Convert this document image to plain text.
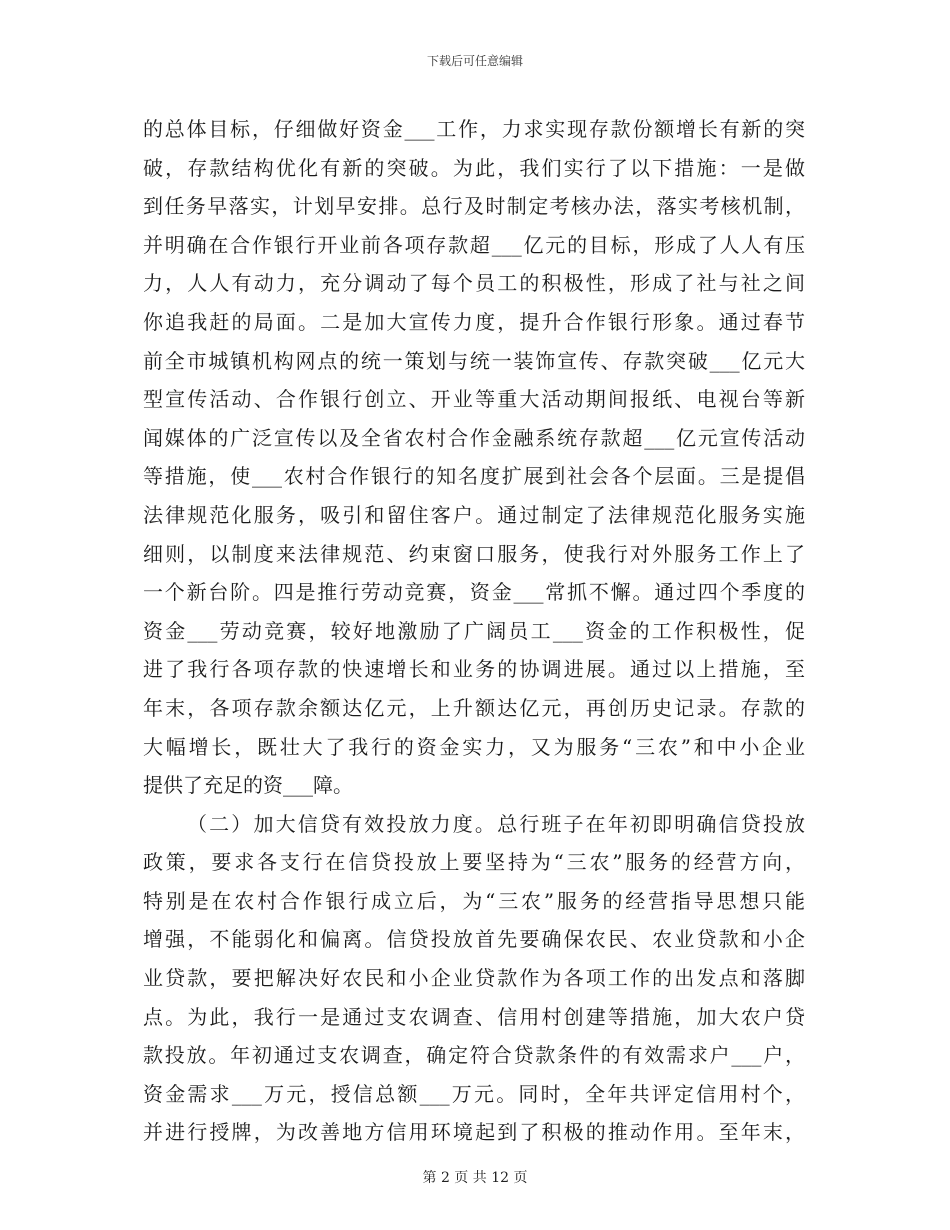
下载后可任意编辑
的总体目标，仔细做好资金___工作，力求实现存款份额增长有新的突
破，存款结构优化有新的突破。为此，我们实行了以下措施：一是做
到任务早落实，计划早安排。总行及时制定考核办法，落实考核机制，
并明确在合作银行开业前各项存款超___亿元的目标，形成了人人有压
力，人人有动力，充分调动了每个员工的积极性，形成了社与社之间
你追我赶的局面。二是加大宣传力度，提升合作银行形象。通过春节
前全市城镇机构网点的统一策划与统一装饰宣传、存款突破___亿元大
型宣传活动、合作银行创立、开业等重大活动期间报纸、电视台等新
闻媒体的广泛宣传以及全省农村合作金融系统存款超___亿元宣传活动
等措施，使___农村合作银行的知名度扩展到社会各个层面。三是提倡
法律规范化服务，吸引和留住客户。通过制定了法律规范化服务实施
细则，以制度来法律规范、约束窗口服务，使我行对外服务工作上了
一个新台阶。四是推行劳动竞赛，资金___常抓不懈。通过四个季度的
资金___劳动竞赛，较好地激励了广阔员工___资金的工作积极性，促
进了我行各项存款的快速增长和业务的协调进展。通过以上措施，至
年末，各项存款余额达亿元，上升额达亿元，再创历史记录。存款的
大幅增长，既壮大了我行的资金实力，又为服务“三农”和中小企业
提供了充足的资___障。
（二）加大信贷有效投放力度。总行班子在年初即明确信贷投放
政策，要求各支行在信贷投放上要坚持为“三农”服务的经营方向，
特别是在农村合作银行成立后，为“三农”服务的经营指导思想只能
增强，不能弱化和偏离。信贷投放首先要确保农民、农业贷款和小企
业贷款，要把解决好农民和小企业贷款作为各项工作的出发点和落脚
点。为此，我行一是通过支农调查、信用村创建等措施，加大农户贷
款投放。年初通过支农调查，确定符合贷款条件的有效需求户___户，
资金需求___万元，授信总额___万元。同时，全年共评定信用村个，
并进行授牌，为改善地方信用环境起到了积极的推动作用。至年末，
第 2 页 共 12 页
